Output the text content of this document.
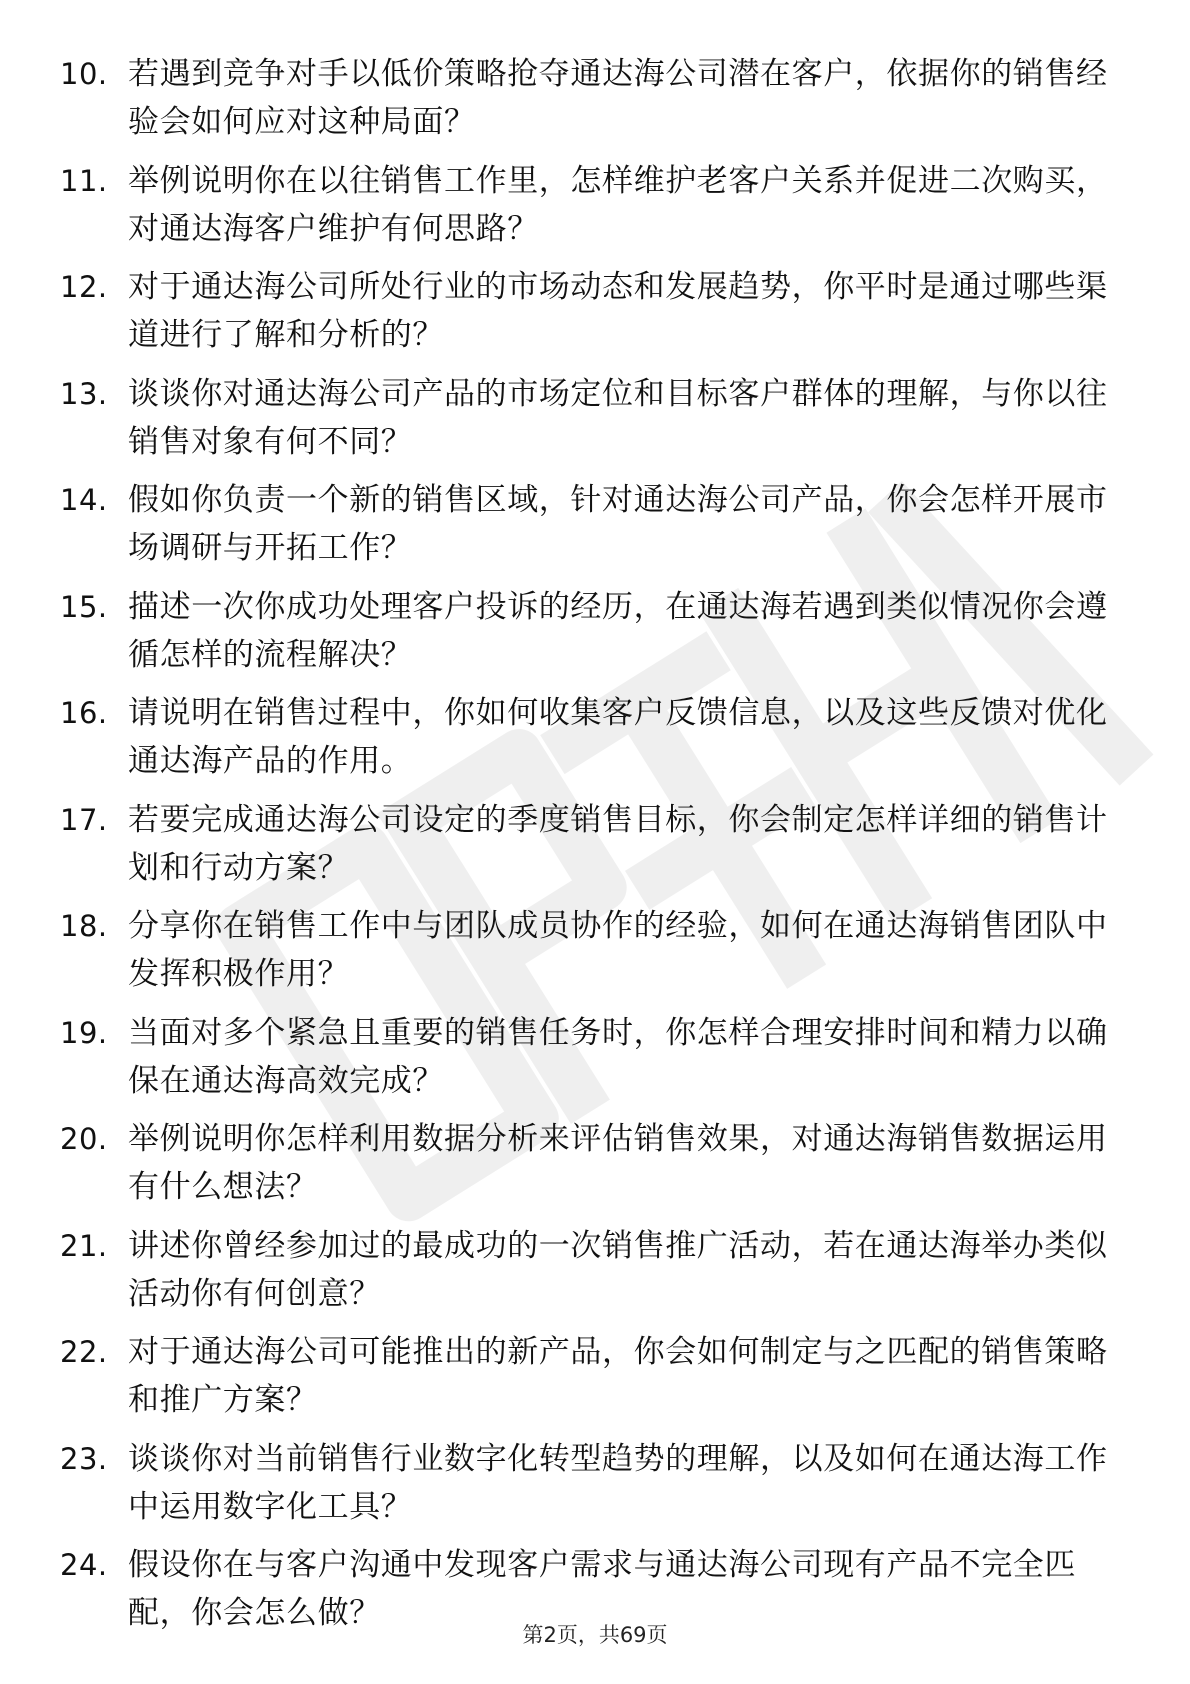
10. 若遇到竞争对手以低价策略抢夺通达海公司潜在客户，依据你的销售经验会如何应对这种局面？
11. 举例说明你在以往销售工作里，怎样维护老客户关系并促进二次购买，对通达海客户维护有何思路？
12. 对于通达海公司所处行业的市场动态和发展趋势，你平时是通过哪些渠道进行了解和分析的？
13. 谈谈你对通达海公司产品的市场定位和目标客户群体的理解，与你以往销售对象有何不同？
14. 假如你负责一个新的销售区域，针对通达海公司产品，你会怎样开展市场调研与开拓工作？
15. 描述一次你成功处理客户投诉的经历，在通达海若遇到类似情况你会遵循怎样的流程解决？
16. 请说明在销售过程中，你如何收集客户反馈信息，以及这些反馈对优化通达海产品的作用。
17. 若要完成通达海公司设定的季度销售目标，你会制定怎样详细的销售计划和行动方案？
18. 分享你在销售工作中与团队成员协作的经验，如何在通达海销售团队中发挥积极作用？
19. 当面对多个紧急且重要的销售任务时，你怎样合理安排时间和精力以确保在通达海高效完成？
20. 举例说明你怎样利用数据分析来评估销售效果，对通达海销售数据运用有什么想法？
21. 讲述你曾经参加过的最成功的一次销售推广活动，若在通达海举办类似活动你有何创意？
22. 对于通达海公司可能推出的新产品，你会如何制定与之匹配的销售策略和推广方案？
23. 谈谈你对当前销售行业数字化转型趋势的理解，以及如何在通达海工作中运用数字化工具？
24. 假设你在与客户沟通中发现客户需求与通达海公司现有产品不完全匹配，你会怎么做？
第2页，共69页
